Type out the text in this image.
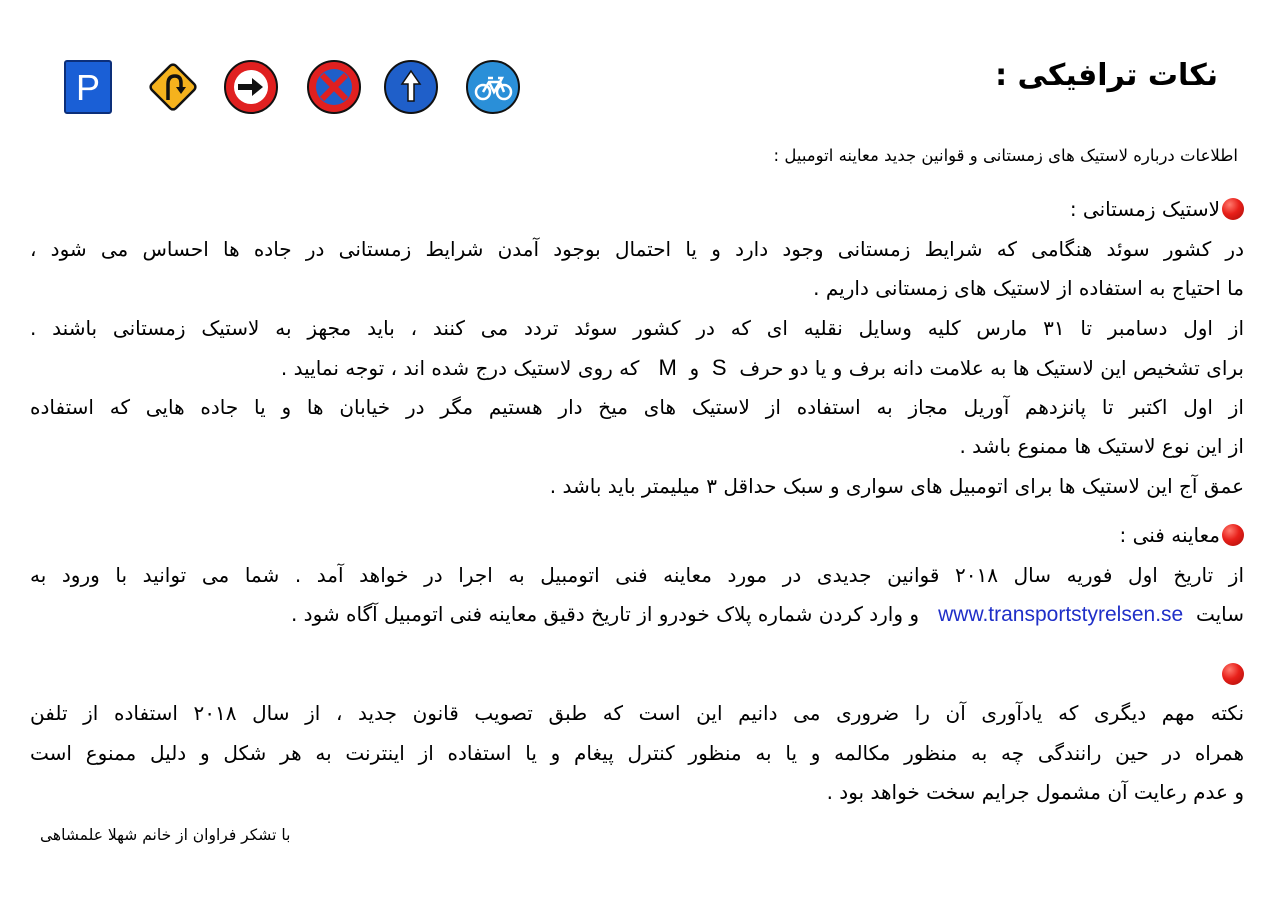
P	نکات ترافیکی :

اطلاعات درباره لاستیک های زمستانی و قوانین جدید معاینه اتومبیل :

لاستیک زمستانی :
در کشور سوئد هنگامی که شرایط زمستانی وجود دارد و یا احتمال بوجود آمدن شرایط زمستانی در جاده ها احساس می شود ،
ما احتیاج به استفاده از لاستیک های زمستانی داریم .
از اول دسامبر تا ۳۱ مارس کلیه وسایل نقلیه ای که در کشور سوئد تردد می کنند ، باید مجهز به لاستیک زمستانی باشند .
برای تشخیص این لاستیک ها به علامت دانه برف و یا دو حرف  S  و  M   که روی لاستیک درج شده اند ، توجه نمایید .
از اول اکتبر تا پانزدهم آوریل مجاز به استفاده از لاستیک های میخ دار هستیم مگر در خیابان ها و یا جاده هایی که استفاده
از این نوع لاستیک ها ممنوع باشد .
عمق آج این لاستیک ها برای اتومبیل های سواری و سبک حداقل ۳ میلیمتر باید باشد .
معاینه فنی :
از تاریخ اول فوریه سال ۲۰۱۸ قوانین جدیدی در مورد معاینه فنی اتومبیل به اجرا در خواهد آمد . شما می توانید با ورود به
سایت  www.transportstyrelsen.se   و وارد کردن شماره پلاک خودرو از تاریخ دقیق معاینه فنی اتومبیل آگاه شود .
نکته مهم دیگری که یادآوری آن را ضروری می دانیم این است که طبق تصویب قانون جدید ، از سال ۲۰۱۸ استفاده از تلفن
همراه در حین رانندگی چه به منظور مکالمه و یا به منظور کنترل پیغام و یا استفاده از اینترنت به هر شکل و دلیل ممنوع است
و عدم رعایت آن مشمول جرایم سخت خواهد بود .

با تشکر فراوان از خانم شهلا علمشاهی
